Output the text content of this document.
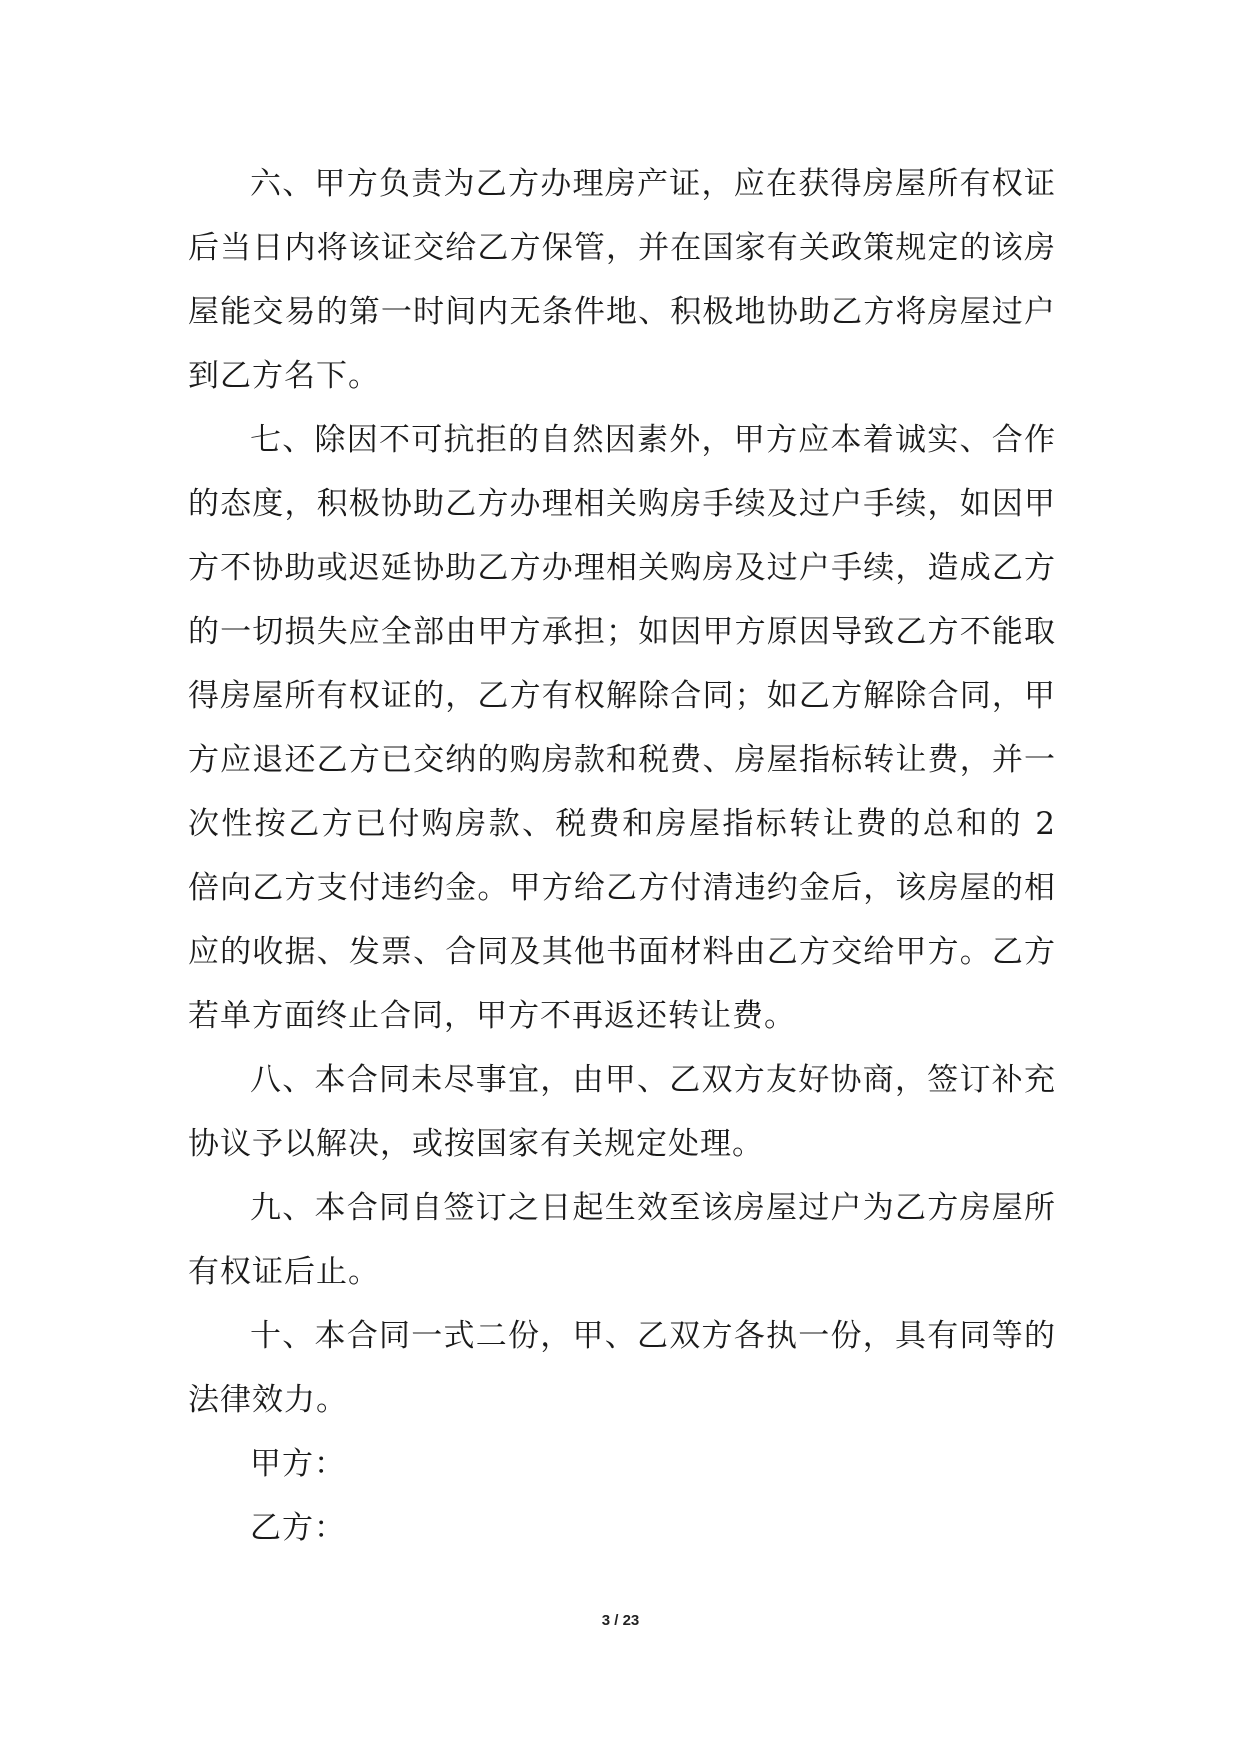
六、甲方负责为乙方办理房产证，应在获得房屋所有权证后当日内将该证交给乙方保管，并在国家有关政策规定的该房屋能交易的第一时间内无条件地、积极地协助乙方将房屋过户到乙方名下。

七、除因不可抗拒的自然因素外，甲方应本着诚实、合作的态度，积极协助乙方办理相关购房手续及过户手续，如因甲方不协助或迟延协助乙方办理相关购房及过户手续，造成乙方的一切损失应全部由甲方承担；如因甲方原因导致乙方不能取得房屋所有权证的，乙方有权解除合同；如乙方解除合同，甲方应退还乙方已交纳的购房款和税费、房屋指标转让费，并一次性按乙方已付购房款、税费和房屋指标转让费的总和的 2 倍向乙方支付违约金。甲方给乙方付清违约金后，该房屋的相应的收据、发票、合同及其他书面材料由乙方交给甲方。乙方若单方面终止合同，甲方不再返还转让费。

八、本合同未尽事宜，由甲、乙双方友好协商，签订补充协议予以解决，或按国家有关规定处理。

九、本合同自签订之日起生效至该房屋过户为乙方房屋所有权证后止。

十、本合同一式二份，甲、乙双方各执一份，具有同等的法律效力。

甲方：

乙方：

3 / 23
